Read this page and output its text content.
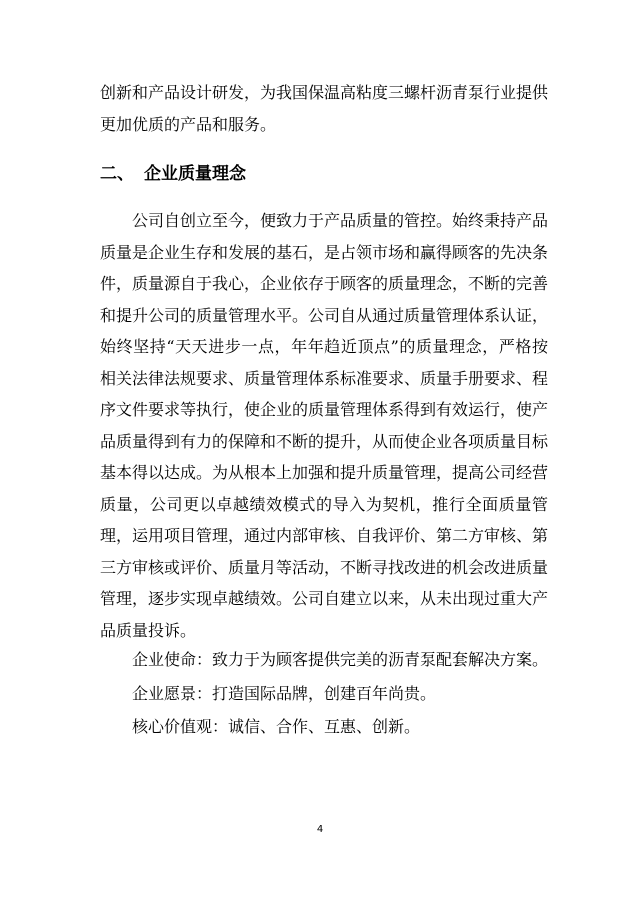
创新和产品设计研发，为我国保温高粘度三螺杆沥青泵行业提供更加优质的产品和服务。

二、 企业质量理念

公司自创立至今，便致力于产品质量的管控。始终秉持产品质量是企业生存和发展的基石，是占领市场和赢得顾客的先决条件，质量源自于我心，企业依存于顾客的质量理念，不断的完善和提升公司的质量管理水平。公司自从通过质量管理体系认证，始终坚持“天天进步一点，年年趋近顶点”的质量理念，严格按相关法律法规要求、质量管理体系标准要求、质量手册要求、程序文件要求等执行，使企业的质量管理体系得到有效运行，使产品质量得到有力的保障和不断的提升，从而使企业各项质量目标基本得以达成。为从根本上加强和提升质量管理，提高公司经营质量，公司更以卓越绩效模式的导入为契机，推行全面质量管理，运用项目管理，通过内部审核、自我评价、第二方审核、第三方审核或评价、质量月等活动，不断寻找改进的机会改进质量管理，逐步实现卓越绩效。公司自建立以来，从未出现过重大产品质量投诉。

企业使命：致力于为顾客提供完美的沥青泵配套解决方案。

企业愿景：打造国际品牌，创建百年尚贵。

核心价值观：诚信、合作、互惠、创新。

4
